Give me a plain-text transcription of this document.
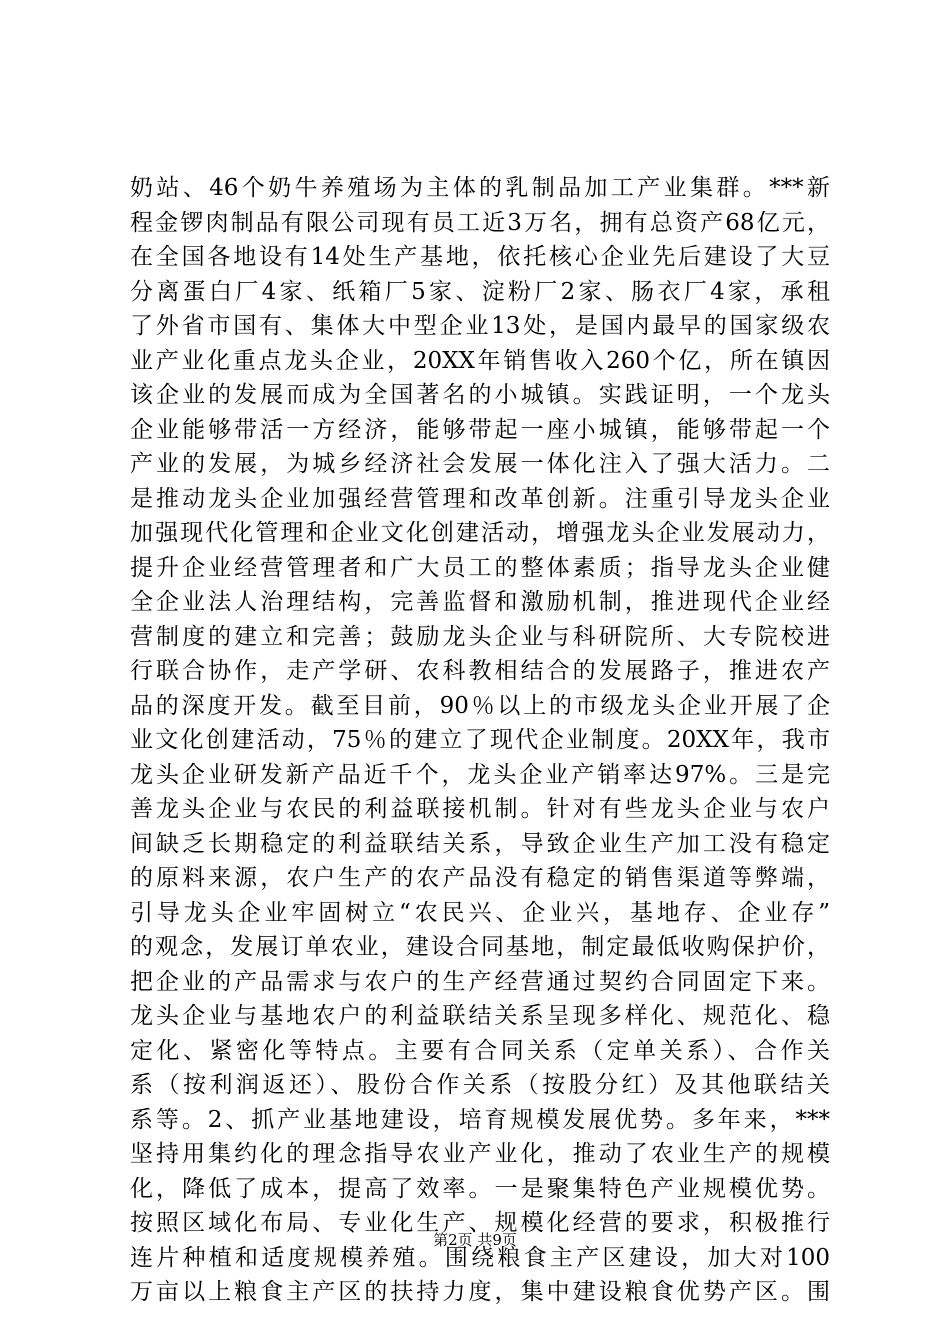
奶站、46个奶牛养殖场为主体的乳制品加工产业集群。***新
程金锣肉制品有限公司现有员工近3万名，拥有总资产68亿元，
在全国各地设有14处生产基地，依托核心企业先后建设了大豆
分离蛋白厂4家、纸箱厂5家、淀粉厂2家、肠衣厂4家，承租
了外省市国有、集体大中型企业13处，是国内最早的国家级农
业产业化重点龙头企业，20XX年销售收入260个亿，所在镇因
该企业的发展而成为全国著名的小城镇。实践证明，一个龙头
企业能够带活一方经济，能够带起一座小城镇，能够带起一个
产业的发展，为城乡经济社会发展一体化注入了强大活力。二
是推动龙头企业加强经营管理和改革创新。注重引导龙头企业
加强现代化管理和企业文化创建活动，增强龙头企业发展动力，
提升企业经营管理者和广大员工的整体素质；指导龙头企业健
全企业法人治理结构，完善监督和激励机制，推进现代企业经
营制度的建立和完善；鼓励龙头企业与科研院所、大专院校进
行联合协作，走产学研、农科教相结合的发展路子，推进农产
品的深度开发。截至目前，90％以上的市级龙头企业开展了企
业文化创建活动，75％的建立了现代企业制度。20XX年，我市
龙头企业研发新产品近千个，龙头企业产销率达97%。三是完
善龙头企业与农民的利益联接机制。针对有些龙头企业与农户
间缺乏长期稳定的利益联结关系，导致企业生产加工没有稳定
的原料来源，农户生产的农产品没有稳定的销售渠道等弊端，
引导龙头企业牢固树立“农民兴、企业兴，基地存、企业存”
的观念，发展订单农业，建设合同基地，制定最低收购保护价，
把企业的产品需求与农户的生产经营通过契约合同固定下来。
龙头企业与基地农户的利益联结关系呈现多样化、规范化、稳
定化、紧密化等特点。主要有合同关系（定单关系）、合作关
系（按利润返还）、股份合作关系（按股分红）及其他联结关
系等。2、抓产业基地建设，培育规模发展优势。多年来，***
坚持用集约化的理念指导农业产业化，推动了农业生产的规模
化，降低了成本，提高了效率。一是聚集特色产业规模优势。
按照区域化布局、专业化生产、规模化经营的要求，积极推行
连片种植和适度规模养殖。围绕粮食主产区建设，加大对100
万亩以上粮食主产区的扶持力度，集中建设粮食优势产区。围
第2页 共9页
